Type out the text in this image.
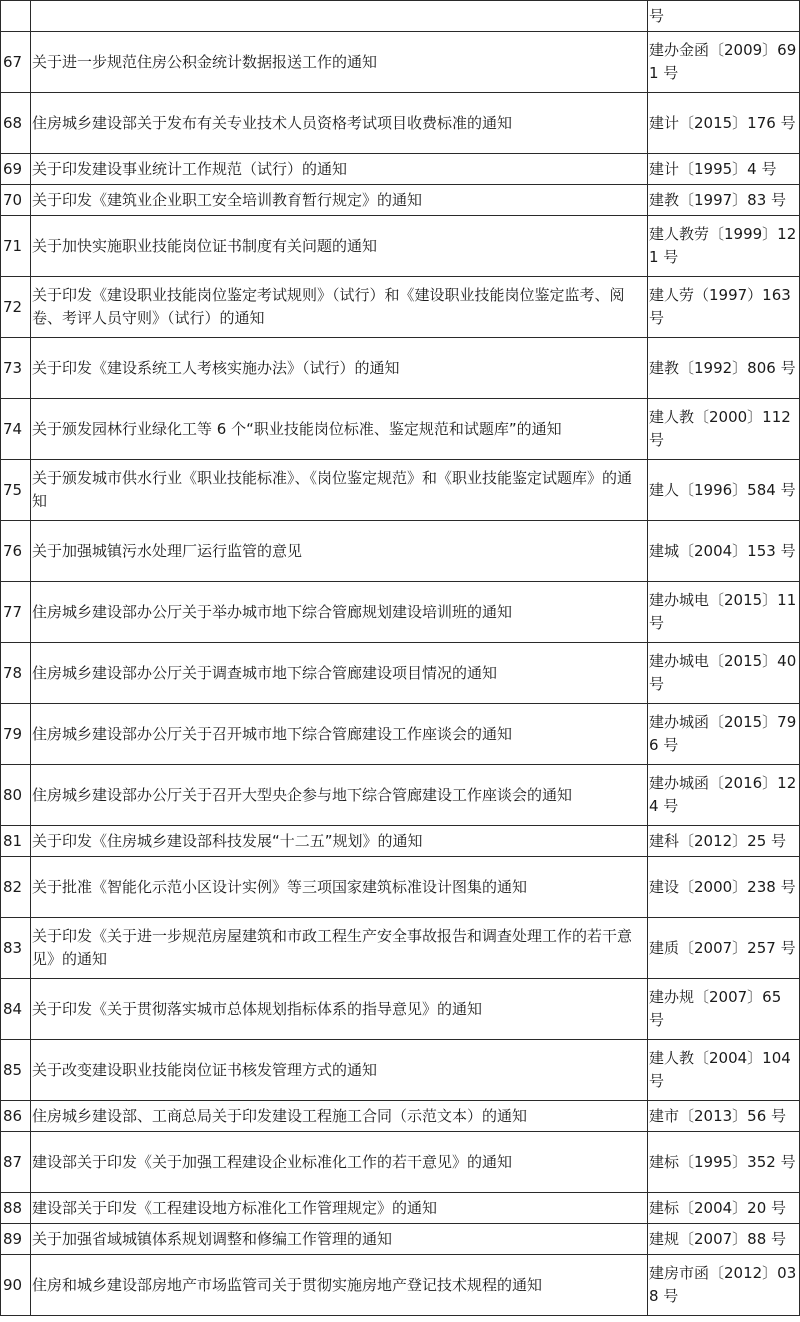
		号
67	关于进一步规范住房公积金统计数据报送工作的通知	建办金函〔2009〕691 号
68	住房城乡建设部关于发布有关专业技术人员资格考试项目收费标准的通知	建计〔2015〕176 号
69	关于印发建设事业统计工作规范（试行）的通知	建计〔1995〕4 号
70	关于印发《建筑业企业职工安全培训教育暂行规定》的通知	建教〔1997〕83 号
71	关于加快实施职业技能岗位证书制度有关问题的通知	建人教劳〔1999〕121 号
72	关于印发《建设职业技能岗位鉴定考试规则》（试行）和《建设职业技能岗位鉴定监考、阅卷、考评人员守则》（试行）的通知	建人劳（1997）163 号
73	关于印发《建设系统工人考核实施办法》（试行）的通知	建教〔1992〕806 号
74	关于颁发园林行业绿化工等 6 个“职业技能岗位标准、鉴定规范和试题库”的通知	建人教〔2000〕112 号
75	关于颁发城市供水行业《职业技能标准》、《岗位鉴定规范》和《职业技能鉴定试题库》的通知	建人〔1996〕584 号
76	关于加强城镇污水处理厂运行监管的意见	建城〔2004〕153 号
77	住房城乡建设部办公厅关于举办城市地下综合管廊规划建设培训班的通知	建办城电〔2015〕11 号
78	住房城乡建设部办公厅关于调查城市地下综合管廊建设项目情况的通知	建办城电〔2015〕40 号
79	住房城乡建设部办公厅关于召开城市地下综合管廊建设工作座谈会的通知	建办城函〔2015〕796 号
80	住房城乡建设部办公厅关于召开大型央企参与地下综合管廊建设工作座谈会的通知	建办城函〔2016〕124 号
81	关于印发《住房城乡建设部科技发展“十二五”规划》的通知	建科〔2012〕25 号
82	关于批准《智能化示范小区设计实例》等三项国家建筑标准设计图集的通知	建设〔2000〕238 号
83	关于印发《关于进一步规范房屋建筑和市政工程生产安全事故报告和调查处理工作的若干意见》的通知	建质〔2007〕257 号
84	关于印发《关于贯彻落实城市总体规划指标体系的指导意见》的通知	建办规〔2007〕65 号
85	关于改变建设职业技能岗位证书核发管理方式的通知	建人教〔2004〕104 号
86	住房城乡建设部、工商总局关于印发建设工程施工合同（示范文本）的通知	建市〔2013〕56 号
87	建设部关于印发《关于加强工程建设企业标准化工作的若干意见》的通知	建标〔1995〕352 号
88	建设部关于印发《工程建设地方标准化工作管理规定》的通知	建标〔2004〕20 号
89	关于加强省域城镇体系规划调整和修编工作管理的通知	建规〔2007〕88 号
90	住房和城乡建设部房地产市场监管司关于贯彻实施房地产登记技术规程的通知	建房市函〔2012〕038 号
